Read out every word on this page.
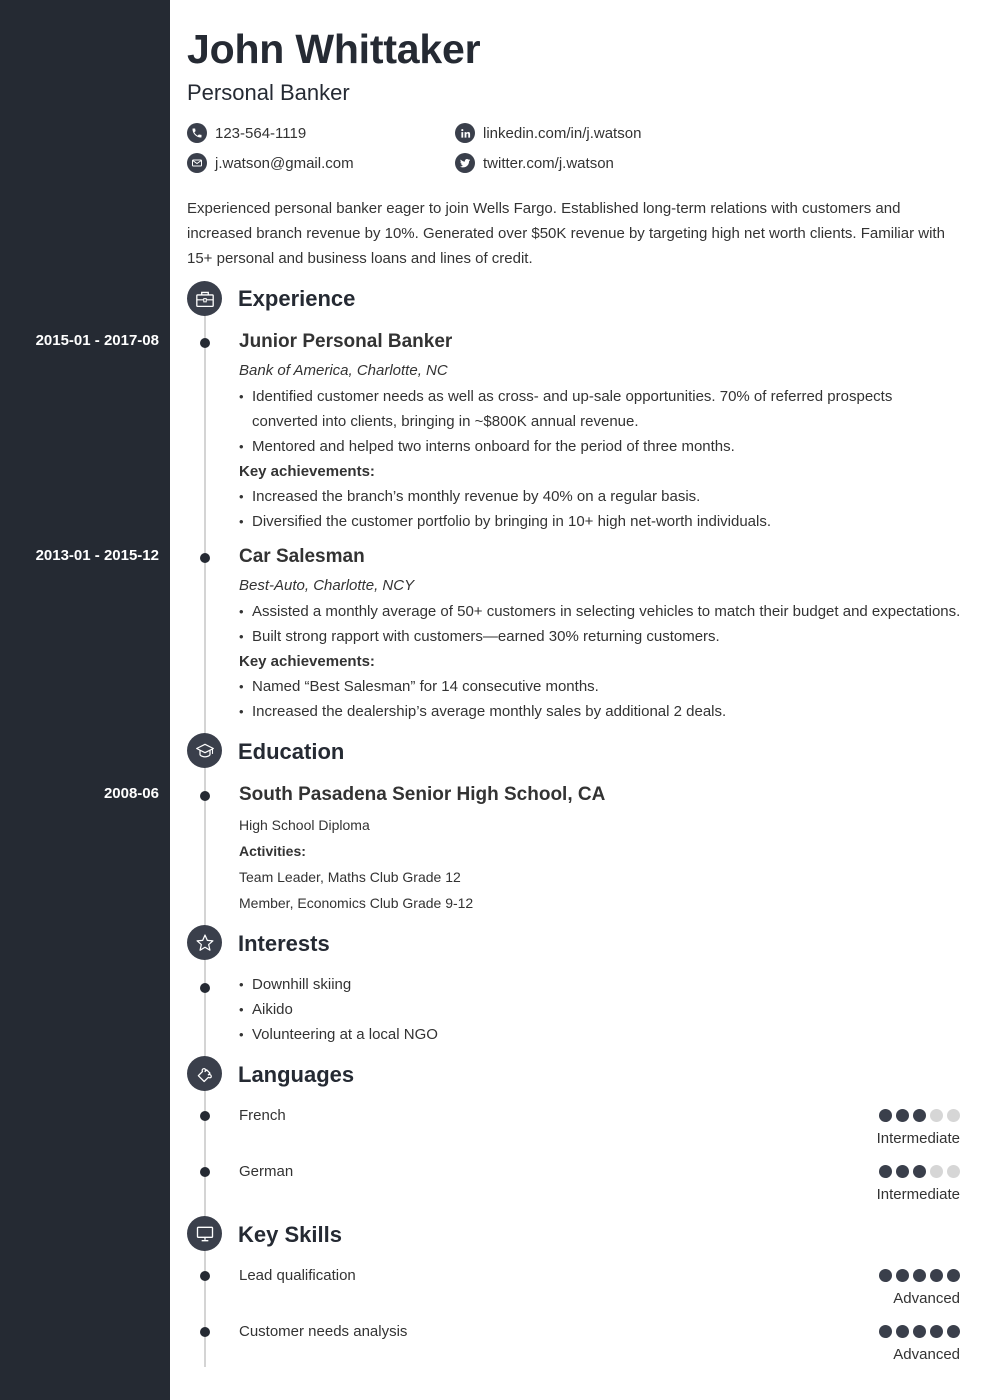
John Whittaker
Personal Banker
123-564-1119
j.watson@gmail.com
linkedin.com/in/j.watson
twitter.com/j.watson
Experienced personal banker eager to join Wells Fargo. Established long-term relations with customers and increased branch revenue by 10%. Generated over $50K revenue by targeting high net worth clients. Familiar with 15+ personal and business loans and lines of credit.
Experience
2015-01 - 2017-08	Junior Personal Banker
Bank of America, Charlotte, NC
• Identified customer needs as well as cross- and up-sale opportunities. 70% of referred prospects converted into clients, bringing in ~$800K annual revenue.
• Mentored and helped two interns onboard for the period of three months.
Key achievements:
• Increased the branch’s monthly revenue by 40% on a regular basis.
• Diversified the customer portfolio by bringing in 10+ high net-worth individuals.
2013-01 - 2015-12	Car Salesman
Best-Auto, Charlotte, NCY
• Assisted a monthly average of 50+ customers in selecting vehicles to match their budget and expectations.
• Built strong rapport with customers—earned 30% returning customers.
Key achievements:
• Named “Best Salesman” for 14 consecutive months.
• Increased the dealership’s average monthly sales by additional 2 deals.
Education
2008-06	South Pasadena Senior High School, CA
High School Diploma
Activities:
Team Leader, Maths Club Grade 12
Member, Economics Club Grade 9-12
Interests
• Downhill skiing
• Aikido
• Volunteering at a local NGO
Languages
French
Intermediate
German
Intermediate
Key Skills
Lead qualification
Advanced
Customer needs analysis
Advanced
